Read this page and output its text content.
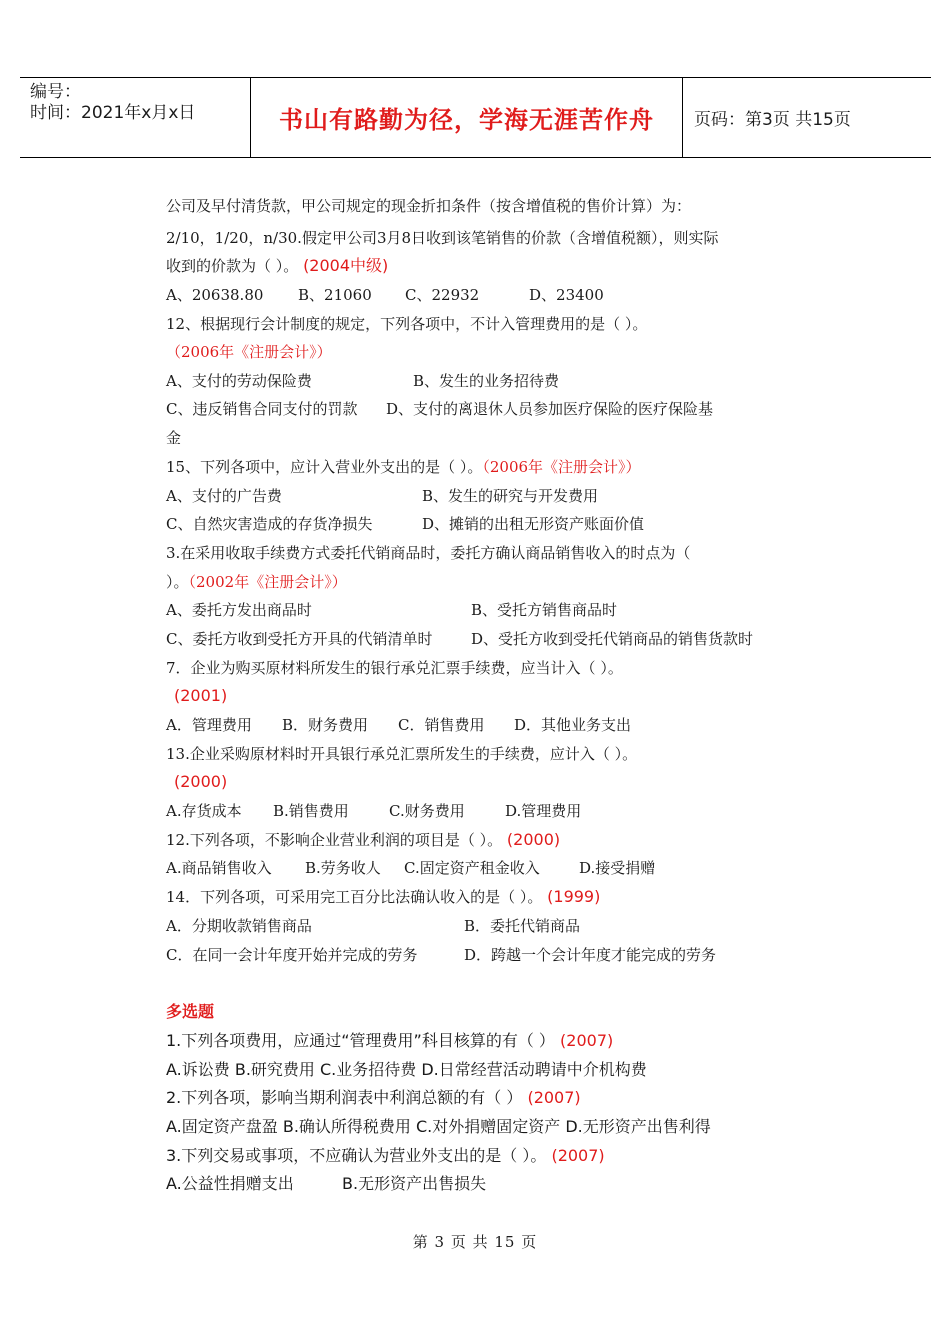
编号：
时间：2021年x月x日	书山有路勤为径，学海无涯苦作舟	页码：第3页 共15页
公司及早付清货款，甲公司规定的现金折扣条件（按含增值税的售价计算）为：
2/10，1/20，n/30.假定甲公司3月8日收到该笔销售的价款（含增值税额），则实际
收到的价款为（ ）。 (2004中级)
A、20638.80 B、21060 C、22932	D、23400
12、根据现行会计制度的规定，下列各项中，不计入管理费用的是（ ）。
（2006年《注册会计》）
A、支付的劳动保险费	B、发生的业务招待费
C、违反销售合同支付的罚款 D、支付的离退休人员参加医疗保险的医疗保险基
金
15、下列各项中，应计入营业外支出的是（ ）。（2006年《注册会计》）
A、支付的广告费	B、发生的研究与开发费用
C、自然灾害造成的存货净损失	D、摊销的出租无形资产账面价值
3.在采用收取手续费方式委托代销商品时，委托方确认商品销售收入的时点为（
）。（2002年《注册会计》）
A、委托方发出商品时	B、受托方销售商品时
C、委托方收到受托方开具的代销清单时	D、受托方收到受托代销商品的销售货款时
7．企业为购买原材料所发生的银行承兑汇票手续费，应当计入（ ）。
(2001)
A．管理费用 B．财务费用 C．销售费用 D．其他业务支出
13.企业采购原材料时开具银行承兑汇票所发生的手续费，应计入（ ）。
(2000)
A.存货成本 B.销售费用	C.财务费用	D.管理费用
12.下列各项，不影响企业营业利润的项目是（ ）。 (2000)
A.商品销售收入 B.劳务收人 C.固定资产租金收入	D.接受捐赠
14．下列各项，可采用完工百分比法确认收入的是（ ）。 (1999)
A．分期收款销售商品	B．委托代销商品
C．在同一会计年度开始并完成的劳务	D．跨越一个会计年度才能完成的劳务
多选题
1.下列各项费用，应通过“管理费用”科目核算的有（ ） (2007)
A.诉讼费 B.研究费用 C.业务招待费 D.日常经营活动聘请中介机构费
2.下列各项，影响当期利润表中利润总额的有（ ） (2007)
A.固定资产盘盈 B.确认所得税费用 C.对外捐赠固定资产 D.无形资产出售利得
3.下列交易或事项，不应确认为营业外支出的是（ ）。 (2007)
A.公益性捐赠支出	B.无形资产出售损失
第 3 页 共 15 页
